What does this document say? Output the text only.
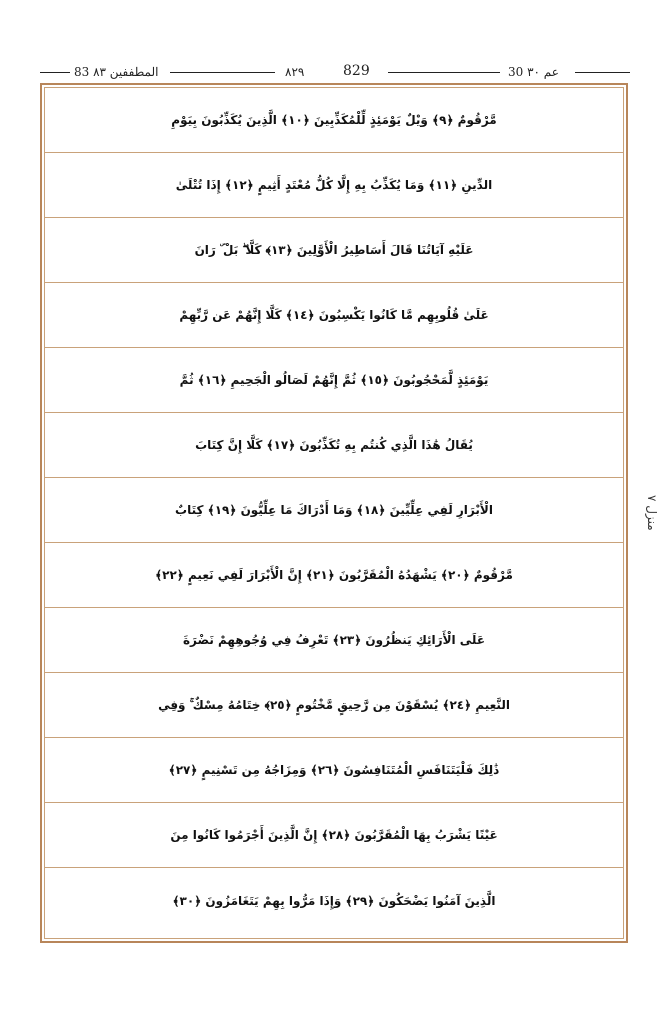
83 المطففين ٨٣	٨٢٩	829	30 عم ٣٠
منزل ٧
مَّرْقُومٌ ﴿٩﴾ وَيْلٌ يَوْمَئِذٍ لِّلْمُكَذِّبِينَ ﴿١٠﴾ الَّذِينَ يُكَذِّبُونَ بِيَوْمِ
الدِّينِ ﴿١١﴾ وَمَا يُكَذِّبُ بِهِ إِلَّا كُلُّ مُعْتَدٍ أَثِيمٍ ﴿١٢﴾ إِذَا تُتْلَىٰ
عَلَيْهِ آيَاتُنَا قَالَ أَسَاطِيرُ الْأَوَّلِينَ ﴿١٣﴾ كَلَّا ۖ بَلْ ۜ رَانَ
عَلَىٰ قُلُوبِهِم مَّا كَانُوا يَكْسِبُونَ ﴿١٤﴾ كَلَّا إِنَّهُمْ عَن رَّبِّهِمْ
يَوْمَئِذٍ لَّمَحْجُوبُونَ ﴿١٥﴾ ثُمَّ إِنَّهُمْ لَصَالُو الْجَحِيمِ ﴿١٦﴾ ثُمَّ
يُقَالُ هَٰذَا الَّذِي كُنتُم بِهِ تُكَذِّبُونَ ﴿١٧﴾ كَلَّا إِنَّ كِتَابَ
الْأَبْرَارِ لَفِي عِلِّيِّينَ ﴿١٨﴾ وَمَا أَدْرَاكَ مَا عِلِّيُّونَ ﴿١٩﴾ كِتَابٌ
مَّرْقُومٌ ﴿٢٠﴾ يَشْهَدُهُ الْمُقَرَّبُونَ ﴿٢١﴾ إِنَّ الْأَبْرَارَ لَفِي نَعِيمٍ ﴿٢٢﴾
عَلَى الْأَرَائِكِ يَنظُرُونَ ﴿٢٣﴾ تَعْرِفُ فِي وُجُوهِهِمْ نَضْرَةَ
النَّعِيمِ ﴿٢٤﴾ يُسْقَوْنَ مِن رَّحِيقٍ مَّخْتُومٍ ﴿٢٥﴾ خِتَامُهُ مِسْكٌ ۚ وَفِي
ذَٰلِكَ فَلْيَتَنَافَسِ الْمُتَنَافِسُونَ ﴿٢٦﴾ وَمِزَاجُهُ مِن تَسْنِيمٍ ﴿٢٧﴾
عَيْنًا يَشْرَبُ بِهَا الْمُقَرَّبُونَ ﴿٢٨﴾ إِنَّ الَّذِينَ أَجْرَمُوا كَانُوا مِنَ
الَّذِينَ آمَنُوا يَضْحَكُونَ ﴿٢٩﴾ وَإِذَا مَرُّوا بِهِمْ يَتَغَامَزُونَ ﴿٣٠﴾
